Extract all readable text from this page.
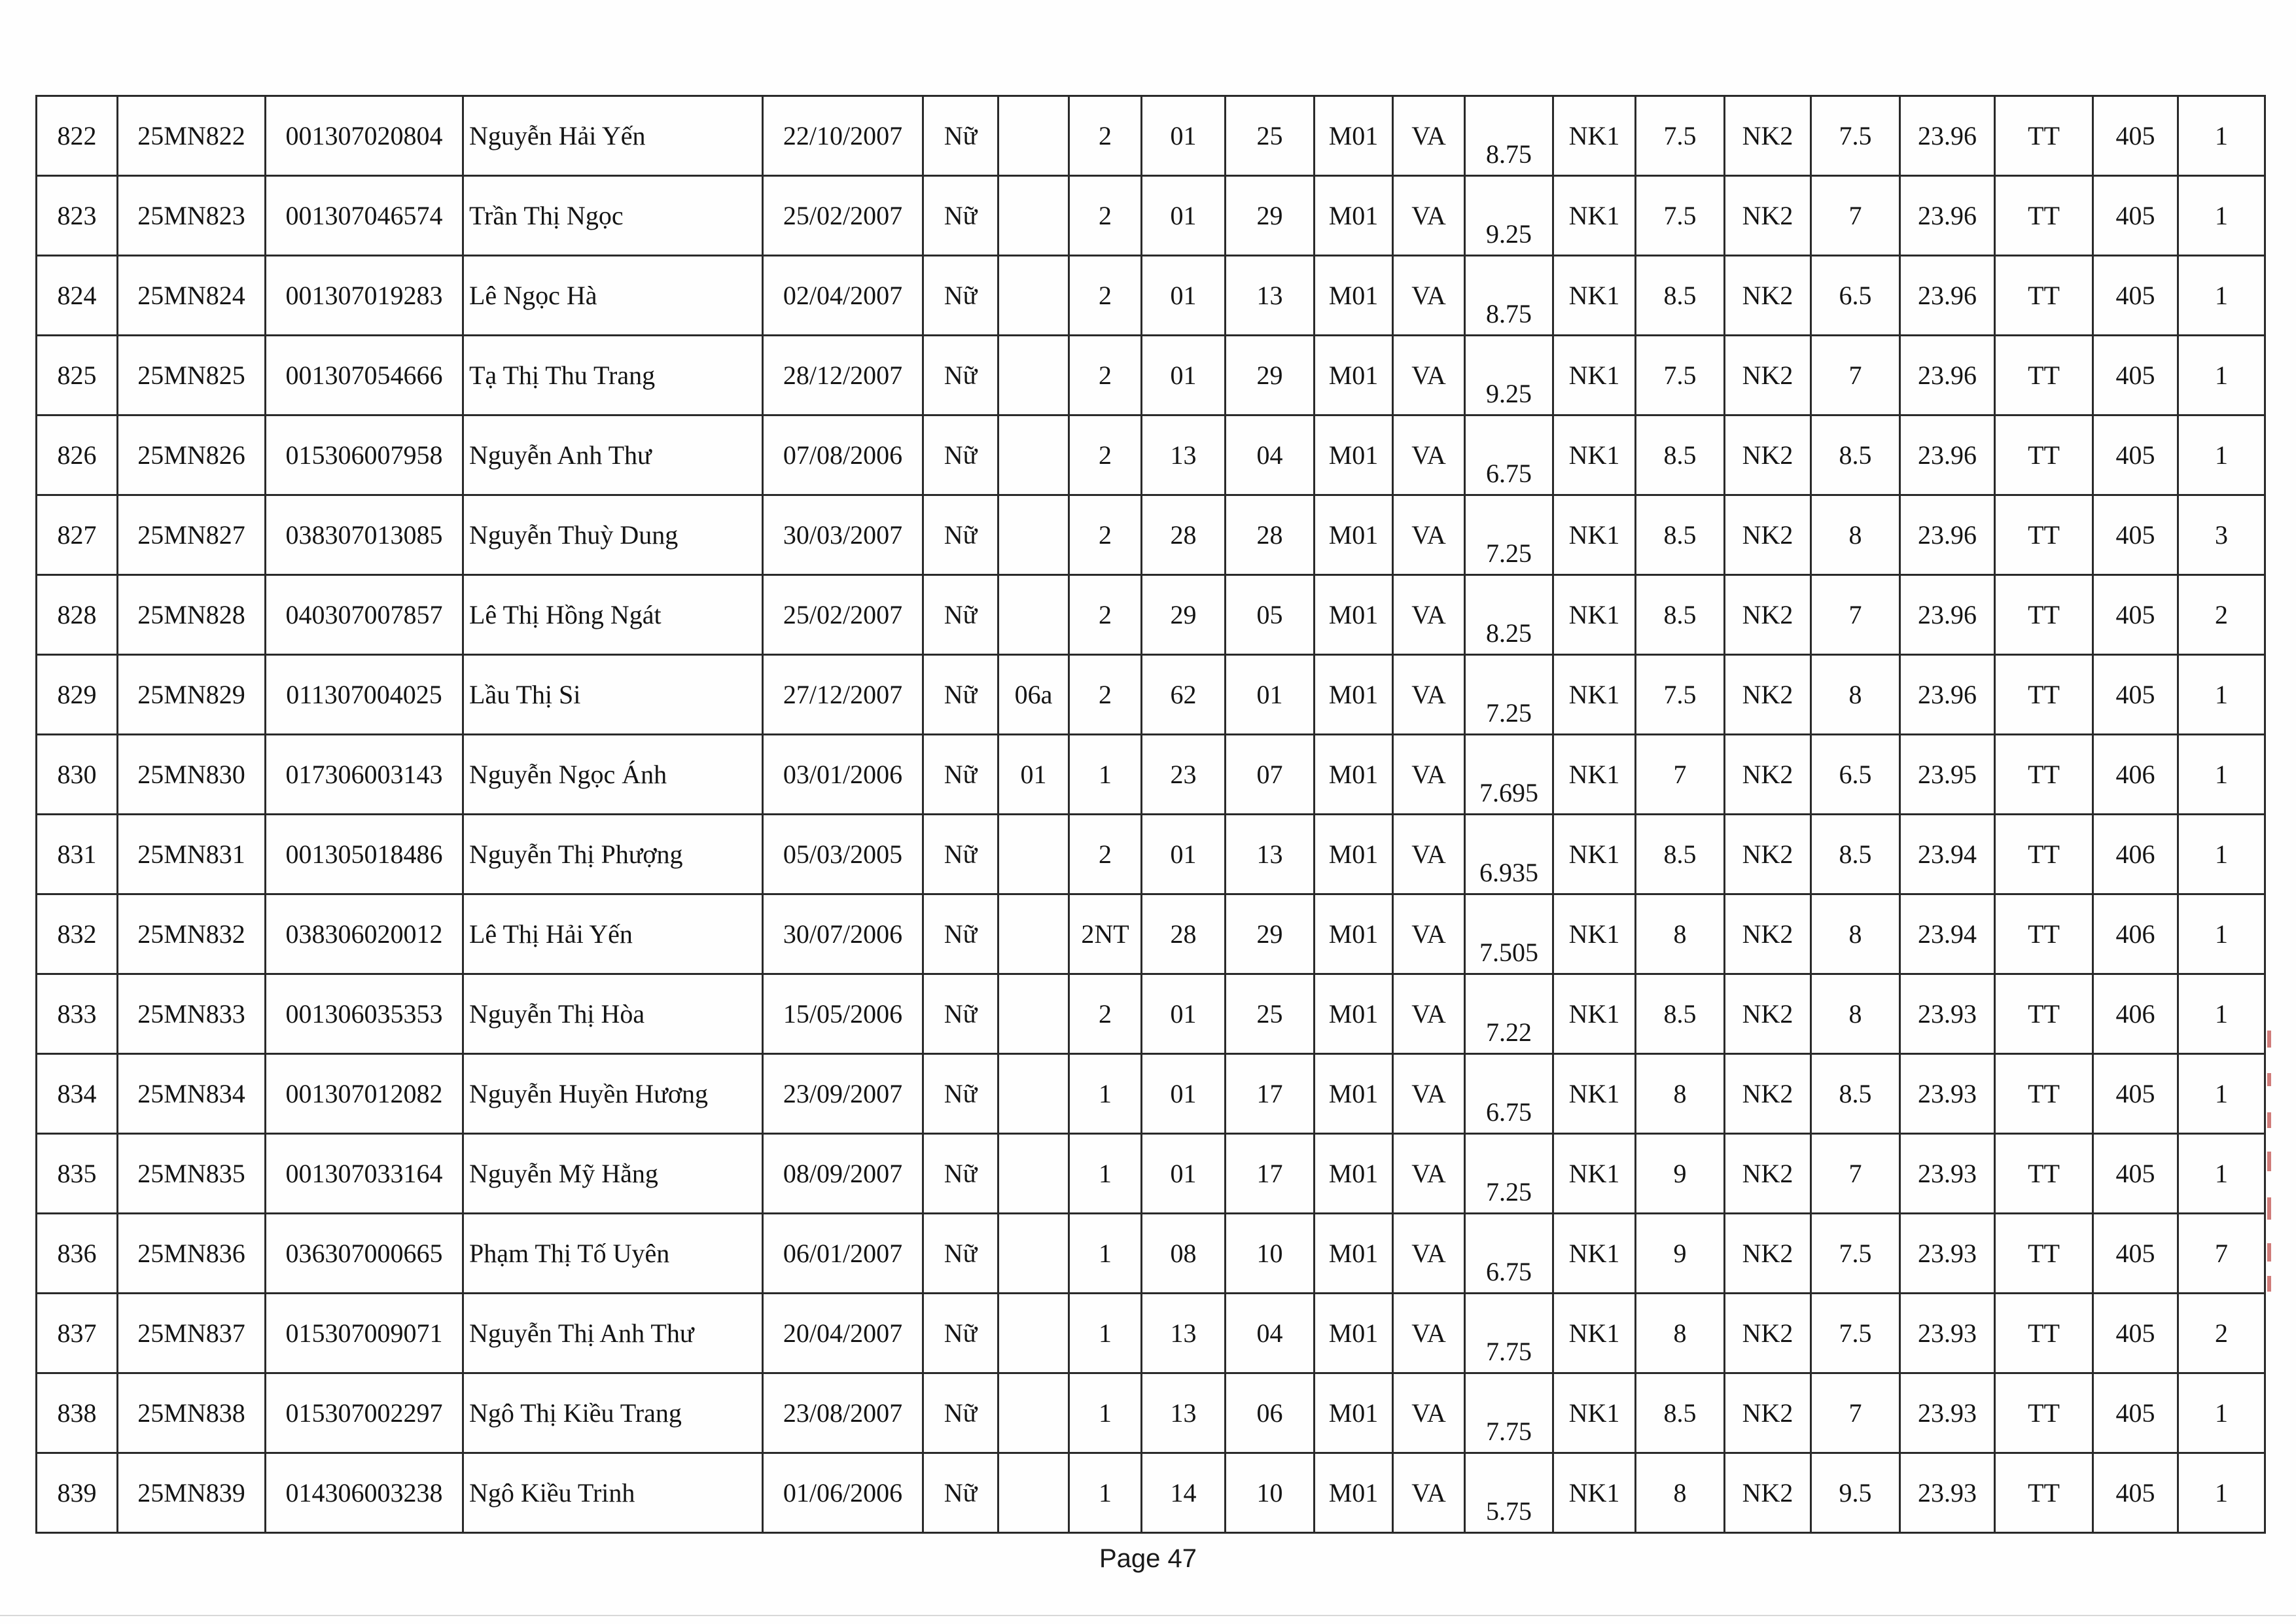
822	25MN822	001307020804	Nguyễn Hải Yến	22/10/2007	Nữ		2	01	25	M01	VA	8.75	NK1	7.5	NK2	7.5	23.96	TT	405	1
823	25MN823	001307046574	Trần Thị Ngọc	25/02/2007	Nữ		2	01	29	M01	VA	9.25	NK1	7.5	NK2	7	23.96	TT	405	1
824	25MN824	001307019283	Lê Ngọc Hà	02/04/2007	Nữ		2	01	13	M01	VA	8.75	NK1	8.5	NK2	6.5	23.96	TT	405	1
825	25MN825	001307054666	Tạ Thị Thu Trang	28/12/2007	Nữ		2	01	29	M01	VA	9.25	NK1	7.5	NK2	7	23.96	TT	405	1
826	25MN826	015306007958	Nguyễn Anh Thư	07/08/2006	Nữ		2	13	04	M01	VA	6.75	NK1	8.5	NK2	8.5	23.96	TT	405	1
827	25MN827	038307013085	Nguyễn Thuỳ Dung	30/03/2007	Nữ		2	28	28	M01	VA	7.25	NK1	8.5	NK2	8	23.96	TT	405	3
828	25MN828	040307007857	Lê Thị Hồng Ngát	25/02/2007	Nữ		2	29	05	M01	VA	8.25	NK1	8.5	NK2	7	23.96	TT	405	2
829	25MN829	011307004025	Lầu Thị Si	27/12/2007	Nữ	06a	2	62	01	M01	VA	7.25	NK1	7.5	NK2	8	23.96	TT	405	1
830	25MN830	017306003143	Nguyễn Ngọc Ánh	03/01/2006	Nữ	01	1	23	07	M01	VA	7.695	NK1	7	NK2	6.5	23.95	TT	406	1
831	25MN831	001305018486	Nguyễn Thị Phượng	05/03/2005	Nữ		2	01	13	M01	VA	6.935	NK1	8.5	NK2	8.5	23.94	TT	406	1
832	25MN832	038306020012	Lê Thị Hải Yến	30/07/2006	Nữ		2NT	28	29	M01	VA	7.505	NK1	8	NK2	8	23.94	TT	406	1
833	25MN833	001306035353	Nguyễn Thị Hòa	15/05/2006	Nữ		2	01	25	M01	VA	7.22	NK1	8.5	NK2	8	23.93	TT	406	1
834	25MN834	001307012082	Nguyễn Huyền Hương	23/09/2007	Nữ		1	01	17	M01	VA	6.75	NK1	8	NK2	8.5	23.93	TT	405	1
835	25MN835	001307033164	Nguyễn Mỹ Hằng	08/09/2007	Nữ		1	01	17	M01	VA	7.25	NK1	9	NK2	7	23.93	TT	405	1
836	25MN836	036307000665	Phạm Thị Tố Uyên	06/01/2007	Nữ		1	08	10	M01	VA	6.75	NK1	9	NK2	7.5	23.93	TT	405	7
837	25MN837	015307009071	Nguyễn Thị Anh Thư	20/04/2007	Nữ		1	13	04	M01	VA	7.75	NK1	8	NK2	7.5	23.93	TT	405	2
838	25MN838	015307002297	Ngô Thị Kiều Trang	23/08/2007	Nữ		1	13	06	M01	VA	7.75	NK1	8.5	NK2	7	23.93	TT	405	1
839	25MN839	014306003238	Ngô Kiều Trinh	01/06/2006	Nữ		1	14	10	M01	VA	5.75	NK1	8	NK2	9.5	23.93	TT	405	1
Page 47
